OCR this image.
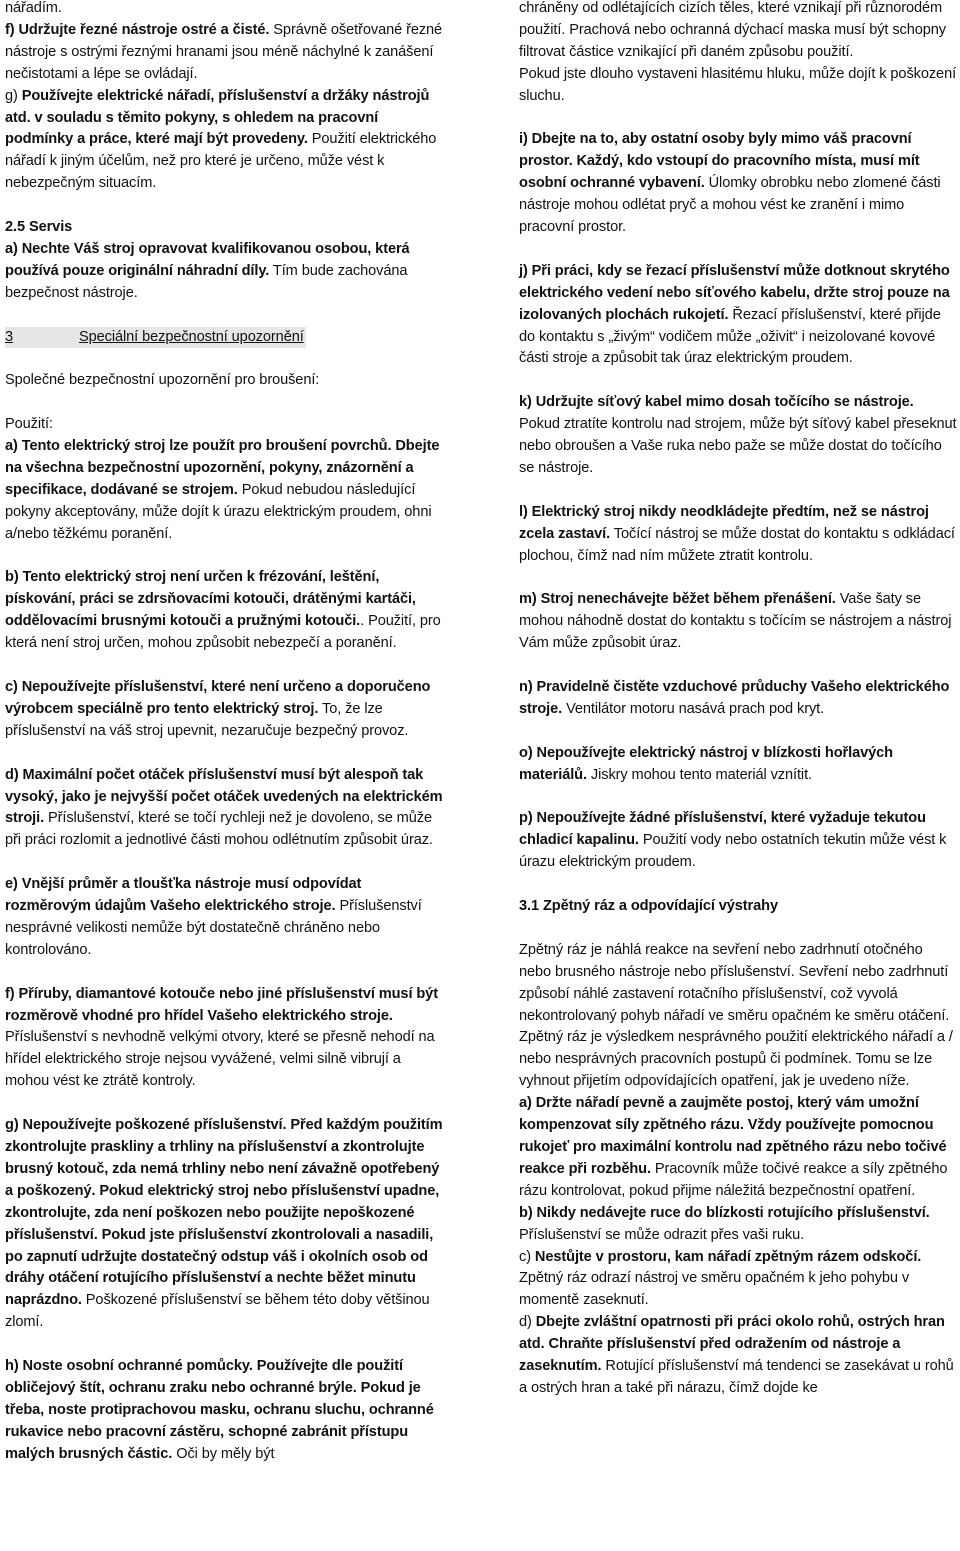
nářadím.

f) Udržujte řezné nástroje ostré a čisté. Správně ošetřované řezné nástroje s ostrými řeznými hranami jsou méně náchylné k zanášení nečistotami a lépe se ovládají.

g) Používejte elektrické nářadí, příslušenství a držáky nástrojů atd. v souladu s těmito pokyny, s ohledem na pracovní podmínky a práce, které mají být provedeny. Použití elektrického nářadí k jiným účelům, než pro které je určeno, může vést k nebezpečným situacím.

2.5 Servis

a) Nechte Váš stroj opravovat kvalifikovanou osobou, která používá pouze originální náhradní díly. Tím bude zachována bezpečnost nástroje.

3	Speciální bezpečnostní upozornění

Společné bezpečnostní upozornění pro broušení:

Použití:

a) Tento elektrický stroj lze použít pro broušení povrchů. Dbejte na všechna bezpečnostní upozornění, pokyny, znázornění a specifikace, dodávané se strojem. Pokud nebudou následující pokyny akceptovány, může dojít k úrazu elektrickým proudem, ohni a/nebo těžkému poranění.

b) Tento elektrický stroj není určen k frézování, leštění, pískování, práci se zdrsňovacími kotouči, drátěnými kartáči, oddělovacími brusnými kotouči a pružnými kotouči.. Použití, pro která není stroj určen, mohou způsobit nebezpečí a poranění.

c) Nepoužívejte příslušenství, které není určeno a doporučeno výrobcem speciálně pro tento elektrický stroj. To, že lze příslušenství na váš stroj upevnit, nezaručuje bezpečný provoz.

d) Maximální počet otáček příslušenství musí být alespoň tak vysoký, jako je nejvyšší počet otáček uvedených na elektrickém stroji. Příslušenství, které se točí rychleji než je dovoleno, se může při práci rozlomit a jednotlivé části mohou odlétnutím způsobit úraz.

e) Vnější průměr a tloušťka nástroje musí odpovídat rozměrovým údajům Vašeho elektrického stroje. Příslušenství nesprávné velikosti nemůže být dostatečně chráněno nebo kontrolováno.

f) Příruby, diamantové kotouče nebo jiné příslušenství musí být rozměrově vhodné pro hřídel Vašeho elektrického stroje. Příslušenství s nevhodně velkými otvory, které se přesně nehodí na hřídel elektrického stroje nejsou vyvážené, velmi silně vibrují a mohou vést ke ztrátě kontroly.

g) Nepoužívejte poškozené příslušenství. Před každým použitím zkontrolujte praskliny a trhliny na příslušenství a zkontrolujte brusný kotouč, zda nemá trhliny nebo není závažně opotřebený a poškozený. Pokud elektrický stroj nebo příslušenství upadne, zkontrolujte, zda není poškozen nebo použijte nepoškozené příslušenství. Pokud jste příslušenství zkontrolovali a nasadili, po zapnutí udržujte dostatečný odstup váš i okolních osob od dráhy otáčení rotujícího příslušenství a nechte běžet minutu naprázdno. Poškozené příslušenství se během této doby většinou zlomí.

h) Noste osobní ochranné pomůcky. Používejte dle použití obličejový štít, ochranu zraku nebo ochranné brýle. Pokud je třeba, noste protiprachovou masku, ochranu sluchu, ochranné rukavice nebo pracovní zástěru, schopné zabránit přístupu malých brusných částic. Oči by měly být

chráněny od odlétajících cizích těles, které vznikají při různorodém použití. Prachová nebo ochranná dýchací maska musí být schopny filtrovat částice vznikající při daném způsobu použití.

Pokud jste dlouho vystaveni hlasitému hluku, může dojít k poškození sluchu.

i) Dbejte na to, aby ostatní osoby byly mimo váš pracovní prostor. Každý, kdo vstoupí do pracovního místa, musí mít osobní ochranné vybavení. Úlomky obrobku nebo zlomené části nástroje mohou odlétat pryč a mohou vést ke zranění i mimo pracovní prostor.

j) Při práci, kdy se řezací příslušenství může dotknout skrytého elektrického vedení nebo síťového kabelu, držte stroj pouze na izolovaných plochách rukojetí. Řezací příslušenství, které přijde do kontaktu s „živým“ vodičem může „oživit“ i neizolované kovové části stroje a způsobit tak úraz elektrickým proudem.

k) Udržujte síťový kabel mimo dosah točícího se nástroje. Pokud ztratíte kontrolu nad strojem, může být síťový kabel přeseknut nebo obroušen a Vaše ruka nebo paže se může dostat do točícího se nástroje.

l) Elektrický stroj nikdy neodkládejte předtím, než se nástroj zcela zastaví. Točící nástroj se může dostat do kontaktu s odkládací plochou, čímž nad ním můžete ztratit kontrolu.

m) Stroj nenechávejte běžet během přenášení. Vaše šaty se mohou náhodně dostat do kontaktu s točícím se nástrojem a nástroj Vám může způsobit úraz.

n) Pravidelně čistěte vzduchové průduchy Vašeho elektrického stroje. Ventilátor motoru nasává prach pod kryt.

o) Nepoužívejte elektrický nástroj v blízkosti hořlavých materiálů. Jiskry mohou tento materiál vznítit.

p) Nepoužívejte žádné příslušenství, které vyžaduje tekutou chladicí kapalinu. Použití vody nebo ostatních tekutin může vést k úrazu elektrickým proudem.

3.1 Zpětný ráz a odpovídající výstrahy

Zpětný ráz je náhlá reakce na sevření nebo zadrhnutí otočného nebo brusného nástroje nebo příslušenství. Sevření nebo zadrhnutí způsobí náhlé zastavení rotačního příslušenství, což vyvolá nekontrolovaný pohyb nářadí ve směru opačném ke směru otáčení.

Zpětný ráz je výsledkem nesprávného použití elektrického nářadí a / nebo nesprávných pracovních postupů či podmínek. Tomu se lze vyhnout přijetím odpovídajících opatření, jak je uvedeno níže.

a) Držte nářadí pevně a zaujměte postoj, který vám umožní kompenzovat síly zpětného rázu. Vždy používejte pomocnou rukojeť pro maximální kontrolu nad zpětného rázu nebo točivé reakce při rozběhu. Pracovník může točivé reakce a síly zpětného rázu kontrolovat, pokud přijme náležitá bezpečnostní opatření.

b) Nikdy nedávejte ruce do blízkosti rotujícího příslušenství. Příslušenství se může odrazit přes vaši ruku.

c) Nestůjte v prostoru, kam nářadí zpětným rázem odskočí. Zpětný ráz odrazí nástroj ve směru opačném k jeho pohybu v momentě zaseknutí.

d) Dbejte zvláštní opatrnosti při práci okolo rohů, ostrých hran atd. Chraňte příslušenství před odražením od nástroje a zaseknutím. Rotující příslušenství má tendenci se zasekávat u rohů a ostrých hran a také při nárazu, čímž dojde ke
